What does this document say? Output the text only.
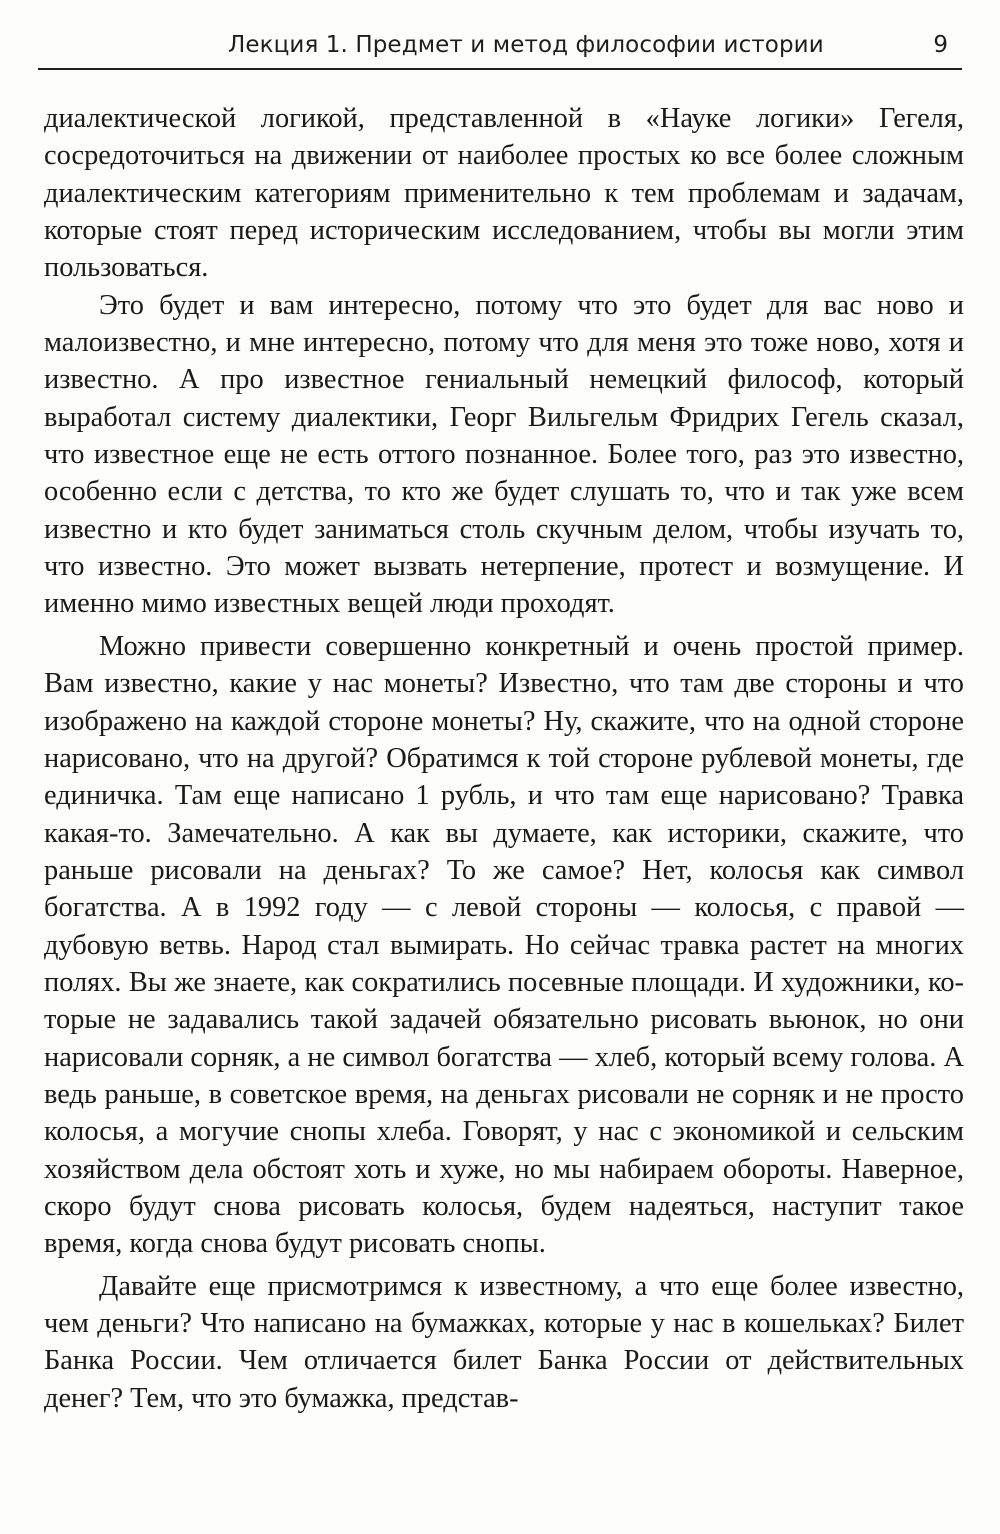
Лекция 1. Предмет и метод философии истории	9

диалектической логикой, представленной в «Науке логики» Гегеля, сосредоточиться на движении от наиболее простых ко все более сложным диалектическим категориям применительно к тем проблемам и задачам, которые стоят перед историческим исследованием, чтобы вы могли этим пользоваться.

Это будет и вам интересно, потому что это будет для вас ново и малоизвестно, и мне интересно, потому что для меня это тоже ново, хотя и известно. А про известное гениальный немецкий философ, который выработал систему диалектики, Георг Вильгельм Фридрих Гегель сказал, что известное еще не есть оттого познанное. Более того, раз это известно, особенно если с детства, то кто же будет слушать то, что и так уже всем известно и кто будет заниматься столь скучным делом, чтобы изучать то, что известно. Это может вызвать нетерпение, протест и возмущение. И именно мимо известных вещей люди проходят.

Можно привести совершенно конкретный и очень простой пример. Вам известно, какие у нас монеты? Известно, что там две стороны и что изображено на каждой стороне монеты? Ну, скажите, что на одной стороне нарисовано, что на другой? Обратимся к той стороне рублевой монеты, где единичка. Там еще написано 1 рубль, и что там еще нарисовано? Травка какая-то. Замечательно. А как вы думаете, как историки, скажите, что раньше рисовали на деньгах? То же самое? Нет, колосья как символ богатства. А в 1992 году — с левой стороны — колосья, с правой — дубовую ветвь. Народ стал вымирать. Но сейчас травка растет на многих полях. Вы же знаете, как сократились посевные площади. И художники, которые не задавались такой задачей обязательно рисовать вьюнок, но они нарисовали сорняк, а не символ богатства — хлеб, который всему голова. А ведь раньше, в советское время, на деньгах рисовали не сорняк и не просто колосья, а могучие снопы хлеба. Говорят, у нас с экономикой и сельским хозяйством дела обстоят хоть и хуже, но мы набираем обороты. Наверное, скоро будут снова рисовать колосья, будем надеяться, наступит такое время, когда снова будут рисовать снопы.

Давайте еще присмотримся к известному, а что еще более известно, чем деньги? Что написано на бумажках, которые у нас в кошельках? Билет Банка России. Чем отличается билет Банка России от действительных денег? Тем, что это бумажка, представ-
